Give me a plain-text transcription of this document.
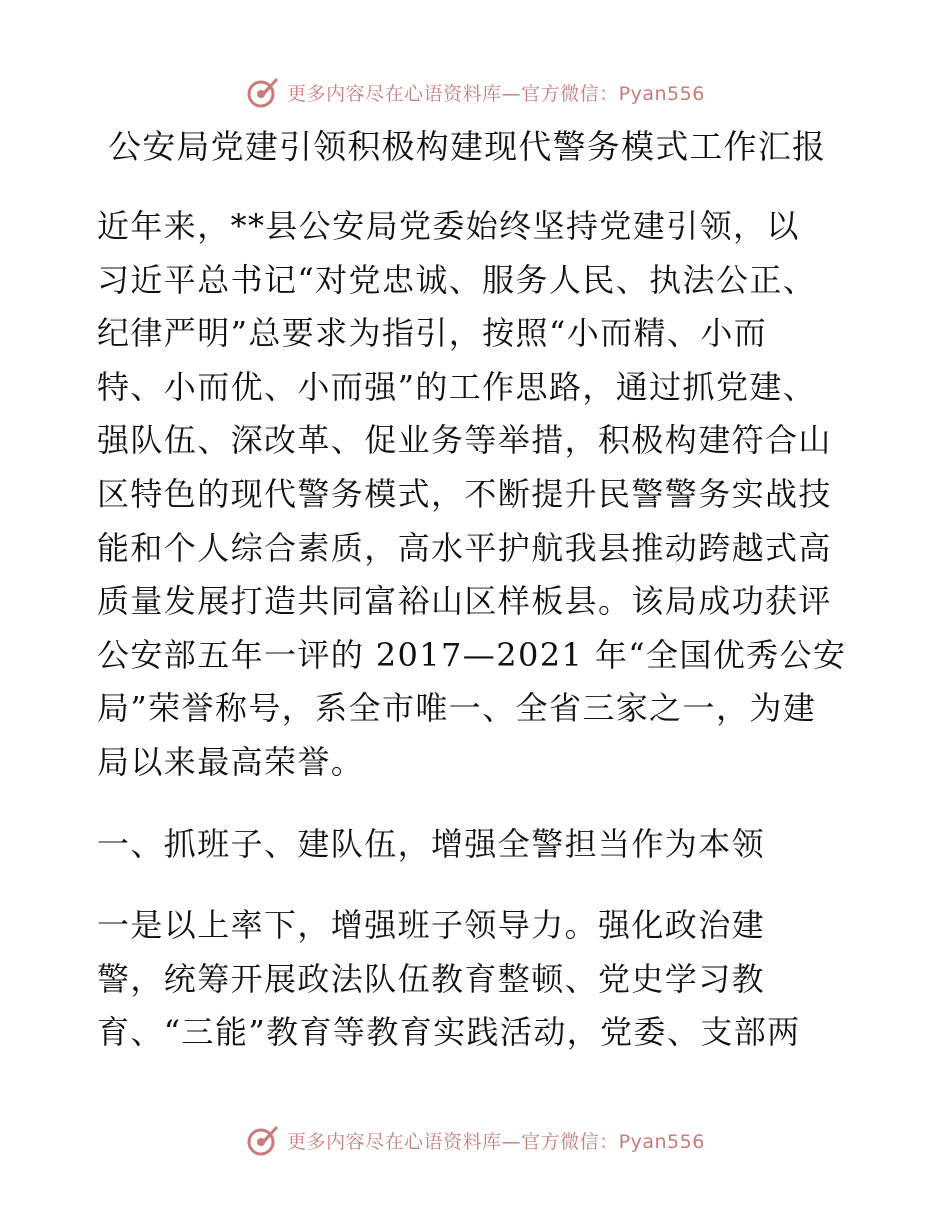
更多内容尽在心语资料库—官方微信：Pyan556
公安局党建引领积极构建现代警务模式工作汇报
近年来，**县公安局党委始终坚持党建引领，以
习近平总书记“对党忠诚、服务人民、执法公正、
纪律严明”总要求为指引，按照“小而精、小而
特、小而优、小而强”的工作思路，通过抓党建、
强队伍、深改革、促业务等举措，积极构建符合山
区特色的现代警务模式，不断提升民警警务实战技
能和个人综合素质，高水平护航我县推动跨越式高
质量发展打造共同富裕山区样板县。该局成功获评
公安部五年一评的 2017—2021 年“全国优秀公安
局”荣誉称号，系全市唯一、全省三家之一，为建
局以来最高荣誉。
一、抓班子、建队伍，增强全警担当作为本领
一是以上率下，增强班子领导力。强化政治建
警，统筹开展政法队伍教育整顿、党史学习教
育、“三能”教育等教育实践活动，党委、支部两
更多内容尽在心语资料库—官方微信：Pyan556
